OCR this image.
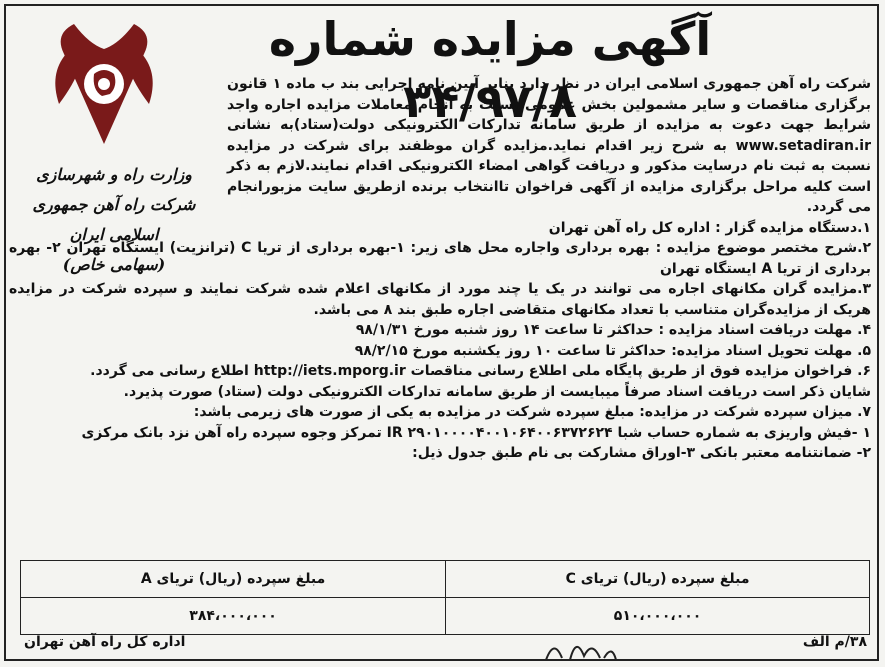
آگهی مزایده شماره ۳۴/۹۷/۸
وزارت راه و شهرسازی
شرکت راه آهن جمهوری اسلامی ایران
(سهامی خاص)

شرکت راه آهن جمهوری اسلامی ایران در نظر دارد بنابر آیین نامه اجرایی بند ب ماده ۱ قانون برگزاری مناقصات و سایر مشمولین بخش عمومی نسبت به انجام معاملات مزایده اجاره واجد شرایط جهت دعوت به مزایده از طریق سامانه تدارکات الکترونیکی دولت(ستاد)به نشانی www.setadiran.ir به شرح زیر اقدام نماید.مزایده گران موظفند برای شرکت در مزایده نسبت به ثبت نام درسایت مذکور و دریافت گواهی امضاء الکترونیکی اقدام نمایند.لازم به ذکر است کلیه مراحل برگزاری مزایده از آگهی فراخوان تاانتخاب برنده ازطریق سایت مزبورانجام می گردد.

۱.دستگاه مزایده گزار : اداره کل راه آهن تهران

۲.شرح مختصر موضوع مزایده : بهره برداری واجاره محل های زیر: ۱-بهره برداری از تریا C (ترانزیت) ایستگاه تهران ۲- بهره برداری از تریا A ایستگاه تهران

۳.مزایده گران مکانهای اجاره می توانند در یک یا چند مورد از مکانهای اعلام شده شرکت نمایند و سپرده شرکت در مزایده هریک از مزایده‌گران متناسب با تعداد مکانهای متقاضی اجاره طبق بند ۸ می باشد.

۴. مهلت دریافت اسناد مزایده : حداکثر تا ساعت ۱۴ روز شنبه مورخ ۹۸/۱/۳۱

۵. مهلت تحویل اسناد مزایده: حداکثر تا ساعت ۱۰ روز یکشنبه مورخ ۹۸/۲/۱۵

۶. فراخوان مزایده فوق از طریق پایگاه ملی اطلاع رسانی مناقصات http://iets.mporg.ir اطلاع رسانی می گردد.

شایان ذکر است دریافت اسناد صرفاً میبایست از طریق سامانه تدارکات الکترونیکی دولت (ستاد) صورت پذیرد.

۷. میزان سپرده شرکت در مزایده: مبلغ سپرده شرکت در مزایده به یکی از صورت های زیرمی باشد:

۱ -فیش واریزی به شماره حساب شبا IR ۲۹۰۱۰۰۰۰۴۰۰۱۰۶۴۰۰۶۳۷۲۶۲۴ تمرکز وجوه سپرده راه آهن نزد بانک مرکزی

۲- ضمانتنامه معتبر بانکی ۳-اوراق مشارکت بی نام طبق جدول ذیل:

مبلغ سپرده (ریال) تریای C	مبلغ سپرده (ریال) تریای A
۵۱۰،۰۰۰،۰۰۰	۳۸۴،۰۰۰،۰۰۰
۳۸/م الف
اداره کل راه آهن تهران
